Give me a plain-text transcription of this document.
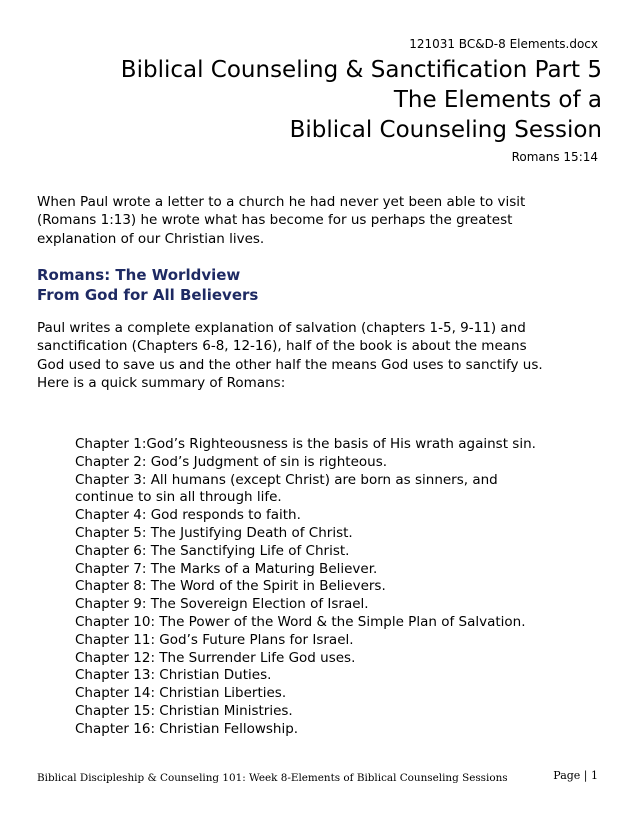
121031 BC&D-8 Elements.docx
Biblical Counseling & Sanctification Part 5
The Elements of a
Biblical Counseling Session
Romans 15:14
When Paul wrote a letter to a church he had never yet been able to visit
(Romans 1:13) he wrote what has become for us perhaps the greatest
explanation of our Christian lives.
Romans: The Worldview
From God for All Believers
Paul writes a complete explanation of salvation (chapters 1-5, 9-11) and
sanctification (Chapters 6-8, 12-16), half of the book is about the means
God used to save us and the other half the means God uses to sanctify us.
Here is a quick summary of Romans:
Chapter 1:God’s Righteousness is the basis of His wrath against sin.
Chapter 2: God’s Judgment of sin is righteous.
Chapter 3: All humans (except Christ) are born as sinners, and
continue to sin all through life.
Chapter 4: God responds to faith.
Chapter 5: The Justifying Death of Christ.
Chapter 6: The Sanctifying Life of Christ.
Chapter 7: The Marks of a Maturing Believer.
Chapter 8: The Word of the Spirit in Believers.
Chapter 9: The Sovereign Election of Israel.
Chapter 10: The Power of the Word & the Simple Plan of Salvation.
Chapter 11: God’s Future Plans for Israel.
Chapter 12: The Surrender Life God uses.
Chapter 13: Christian Duties.
Chapter 14: Christian Liberties.
Chapter 15: Christian Ministries.
Chapter 16: Christian Fellowship.
Biblical Discipleship & Counseling 101: Week 8-Elements of Biblical Counseling Sessions	Page | 1
